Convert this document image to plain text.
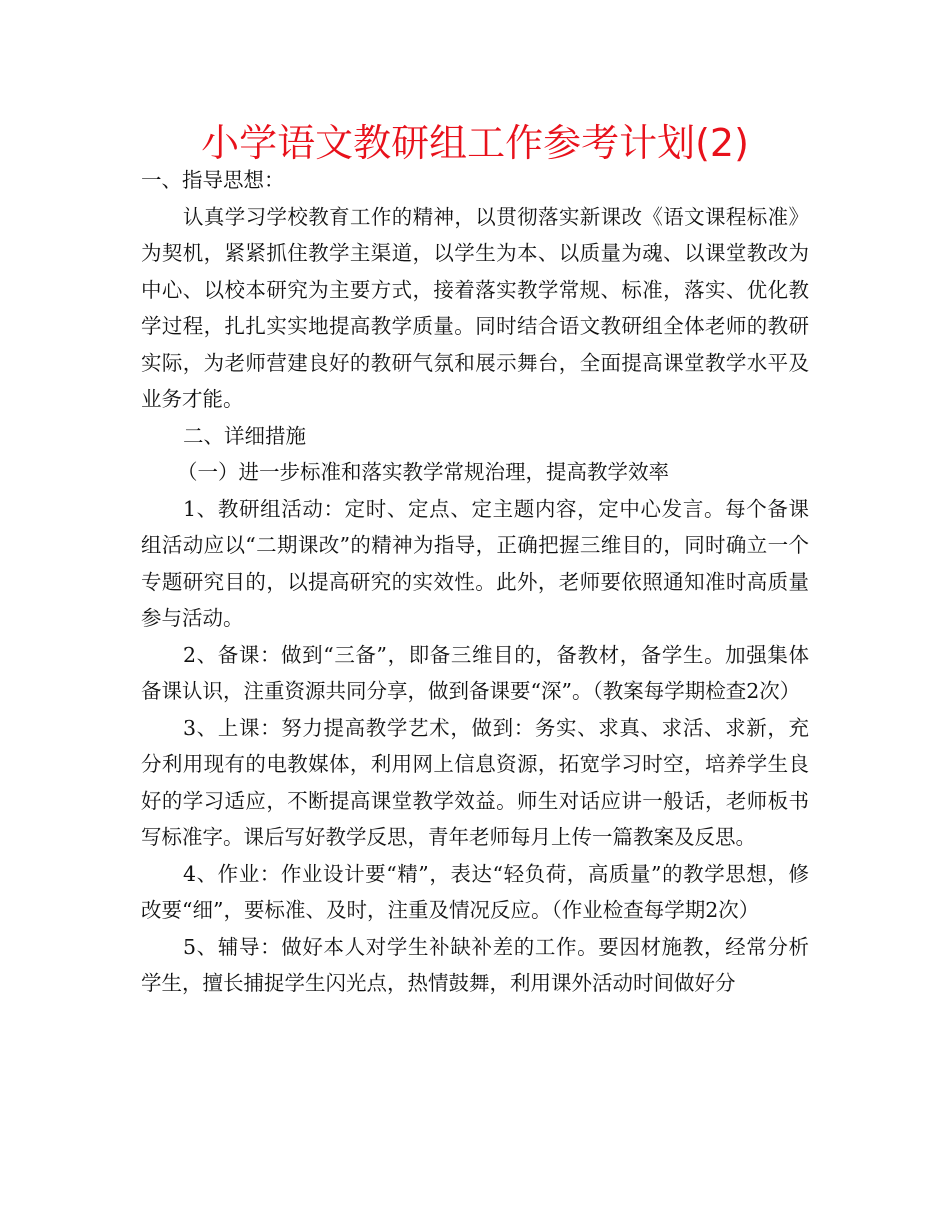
小学语文教研组工作参考计划(2)

一、指导思想：

认真学习学校教育工作的精神，以贯彻落实新课改《语文课程标准》为契机，紧紧抓住教学主渠道，以学生为本、以质量为魂、以课堂教改为中心、以校本研究为主要方式，接着落实教学常规、标准，落实、优化教学过程，扎扎实实地提高教学质量。同时结合语文教研组全体老师的教研实际，为老师营建良好的教研气氛和展示舞台，全面提高课堂教学水平及业务才能。

二、详细措施

（一）进一步标准和落实教学常规治理，提高教学效率

1、教研组活动：定时、定点、定主题内容，定中心发言。每个备课组活动应以“二期课改”的精神为指导，正确把握三维目的，同时确立一个专题研究目的，以提高研究的实效性。此外，老师要依照通知准时高质量参与活动。

2、备课：做到“三备”，即备三维目的，备教材，备学生。加强集体备课认识，注重资源共同分享，做到备课要“深”。（教案每学期检查2次）

3、上课：努力提高教学艺术，做到：务实、求真、求活、求新，充分利用现有的电教媒体，利用网上信息资源，拓宽学习时空，培养学生良好的学习适应，不断提高课堂教学效益。师生对话应讲一般话，老师板书写标准字。课后写好教学反思，青年老师每月上传一篇教案及反思。

4、作业：作业设计要“精”，表达“轻负荷，高质量”的教学思想，修改要“细”，要标准、及时，注重及情况反应。（作业检查每学期2次）

5、辅导：做好本人对学生补缺补差的工作。要因材施教，经常分析学生，擅长捕捉学生闪光点，热情鼓舞，利用课外活动时间做好分
